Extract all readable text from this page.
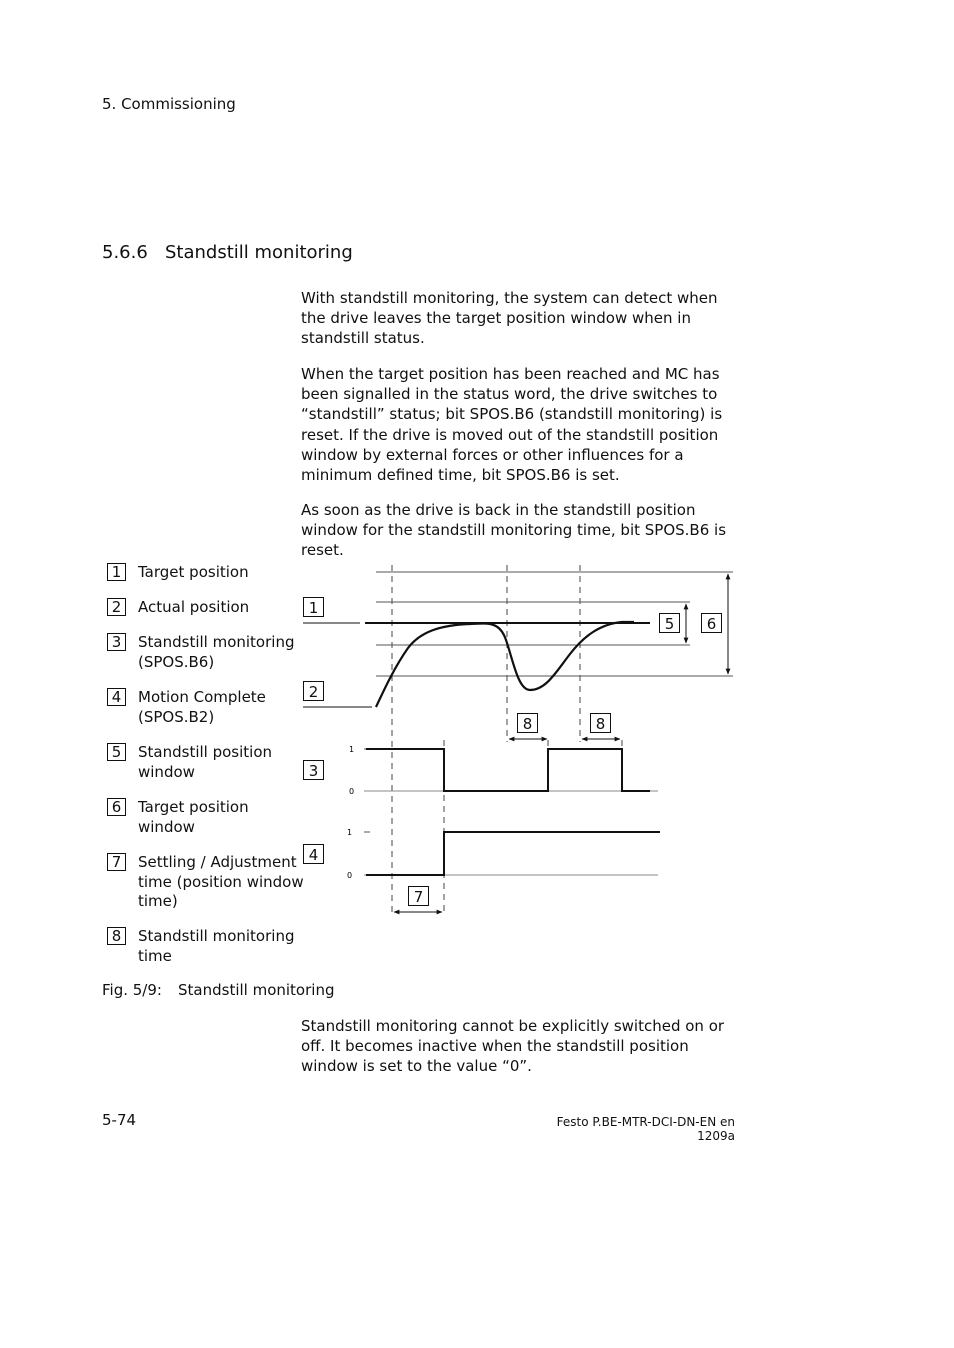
5. Commissioning
5.6.6 Standstill monitoring
With standstill monitoring, the system can detect when the drive leaves the target position window when in standstill status.
When the target position has been reached and MC has been signalled in the status word, the drive switches to “standstill” status; bit SPOS.B6 (standstill monitoring) is reset. If the drive is moved out of the standstill position window by external forces or other influences for a minimum defined time, bit SPOS.B6 is set.
As soon as the drive is back in the standstill position window for the standstill monitoring time, bit SPOS.B6 is reset.
1	Target position
2	Actual position
3	Standstill monitoring (SPOS.B6)
4	Motion Complete (SPOS.B2)
5	Standstill position window
6	Target position window
7	Settling / Adjustment time (position window time)
8	Standstill monitoring time
1
0
1
0
1
2
3
4
5 6
7
8	8
Fig. 5/9: Standstill monitoring
Standstill monitoring cannot be explicitly switched on or off. It becomes inactive when the standstill position window is set to the value “0”.
5-74	Festo P.BE-MTR-DCI-DN-EN en 1209a
